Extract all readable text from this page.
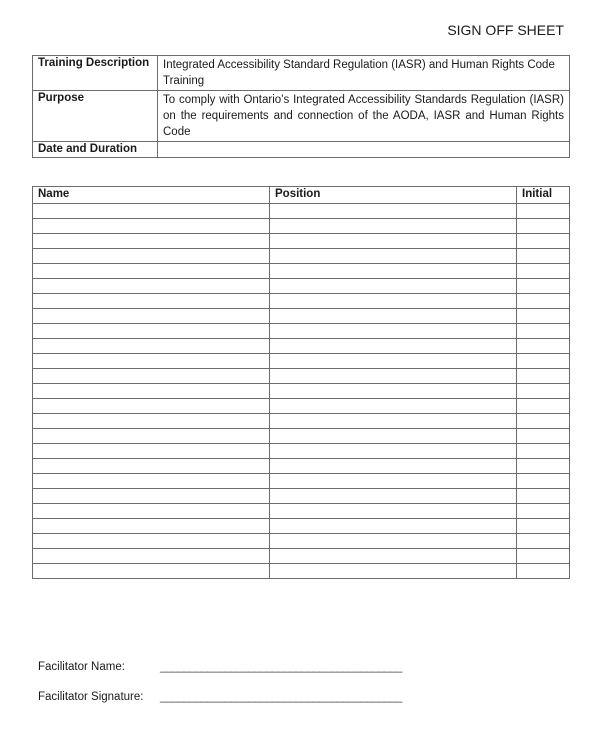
SIGN OFF SHEET
Training Description	Integrated Accessibility Standard Regulation (IASR) and Human Rights Code Training
Purpose	To comply with Ontario’s Integrated Accessibility Standards Regulation (IASR) on the requirements and connection of the AODA, IASR and Human Rights Code
Date and Duration	
Name	Position	Initial

Facilitator Name:	_________________________________________
Facilitator Signature: _________________________________________
